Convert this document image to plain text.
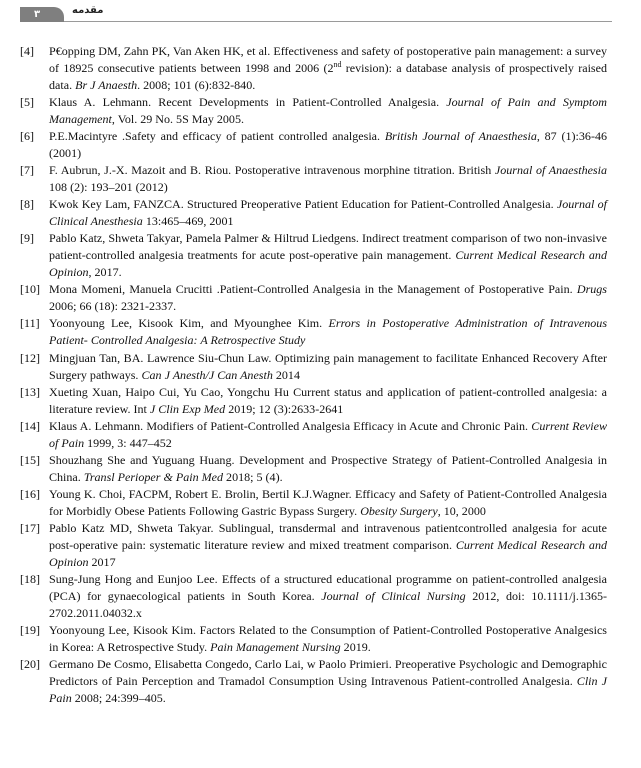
۳	مقدمه

[4] P€opping DM, Zahn PK, Van Aken HK, et al. Effectiveness and safety of postoperative pain management: a survey of 18925 consecutive patients between 1998 and 2006 (2nd revision): a database analysis of prospectively raised data. Br J Anaesth. 2008; 101 (6):832-840.

[5] Klaus A. Lehmann. Recent Developments in Patient-Controlled Analgesia. Journal of Pain and Symptom Management, Vol. 29 No. 5S May 2005.

[6] P.E.Macintyre .Safety and efficacy of patient controlled analgesia. British Journal of Anaesthesia, 87 (1):36-46 (2001)

[7] F. Aubrun, J.-X. Mazoit and B. Riou. Postoperative intravenous morphine titration. British Journal of Anaesthesia 108 (2): 193–201 (2012)

[8] Kwok Key Lam, FANZCA. Structured Preoperative Patient Education for Patient-Controlled Analgesia. Journal of Clinical Anesthesia 13:465–469, 2001

[9] Pablo Katz, Shweta Takyar, Pamela Palmer & Hiltrud Liedgens. Indirect treatment comparison of two non-invasive patient-controlled analgesia treatments for acute post-operative pain management. Current Medical Research and Opinion, 2017.

[10] Mona Momeni, Manuela Crucitti .Patient-Controlled Analgesia in the Management of Postoperative Pain. Drugs 2006; 66 (18): 2321-2337.

[11] Yoonyoung Lee, Kisook Kim, and Myounghee Kim. Errors in Postoperative Administration of Intravenous Patient- Controlled Analgesia: A Retrospective Study

[12] Mingjuan Tan, BA. Lawrence Siu-Chun Law. Optimizing pain management to facilitate Enhanced Recovery After Surgery pathways. Can J Anesth/J Can Anesth 2014

[13] Xueting Xuan, Haipo Cui, Yu Cao, Yongchu Hu Current status and application of patient-controlled analgesia: a literature review. Int J Clin Exp Med 2019; 12 (3):2633-2641

[14] Klaus A. Lehmann. Modifiers of Patient-Controlled Analgesia Efficacy in Acute and Chronic Pain. Current Review of Pain 1999, 3: 447–452

[15] Shouzhang She and Yuguang Huang. Development and Prospective Strategy of Patient-Controlled Analgesia in China. Transl Perioper & Pain Med 2018; 5 (4).

[16] Young K. Choi, FACPM, Robert E. Brolin, Bertil K.J.Wagner. Efficacy and Safety of Patient-Controlled Analgesia for Morbidly Obese Patients Following Gastric Bypass Surgery. Obesity Surgery, 10, 2000

[17] Pablo Katz MD, Shweta Takyar. Sublingual, transdermal and intravenous patientcontrolled analgesia for acute post-operative pain: systematic literature review and mixed treatment comparison. Current Medical Research and Opinion 2017

[18] Sung-Jung Hong and Eunjoo Lee. Effects of a structured educational programme on patient-controlled analgesia (PCA) for gynaecological patients in South Korea. Journal of Clinical Nursing 2012, doi: 10.1111/j.1365-2702.2011.04032.x

[19] Yoonyoung Lee, Kisook Kim. Factors Related to the Consumption of Patient-Controlled Postoperative Analgesics in Korea: A Retrospective Study. Pain Management Nursing 2019.

[20] Germano De Cosmo, Elisabetta Congedo, Carlo Lai, w Paolo Primieri. Preoperative Psychologic and Demographic Predictors of Pain Perception and Tramadol Consumption Using Intravenous Patient-controlled Analgesia. Clin J Pain 2008; 24:399–405.
